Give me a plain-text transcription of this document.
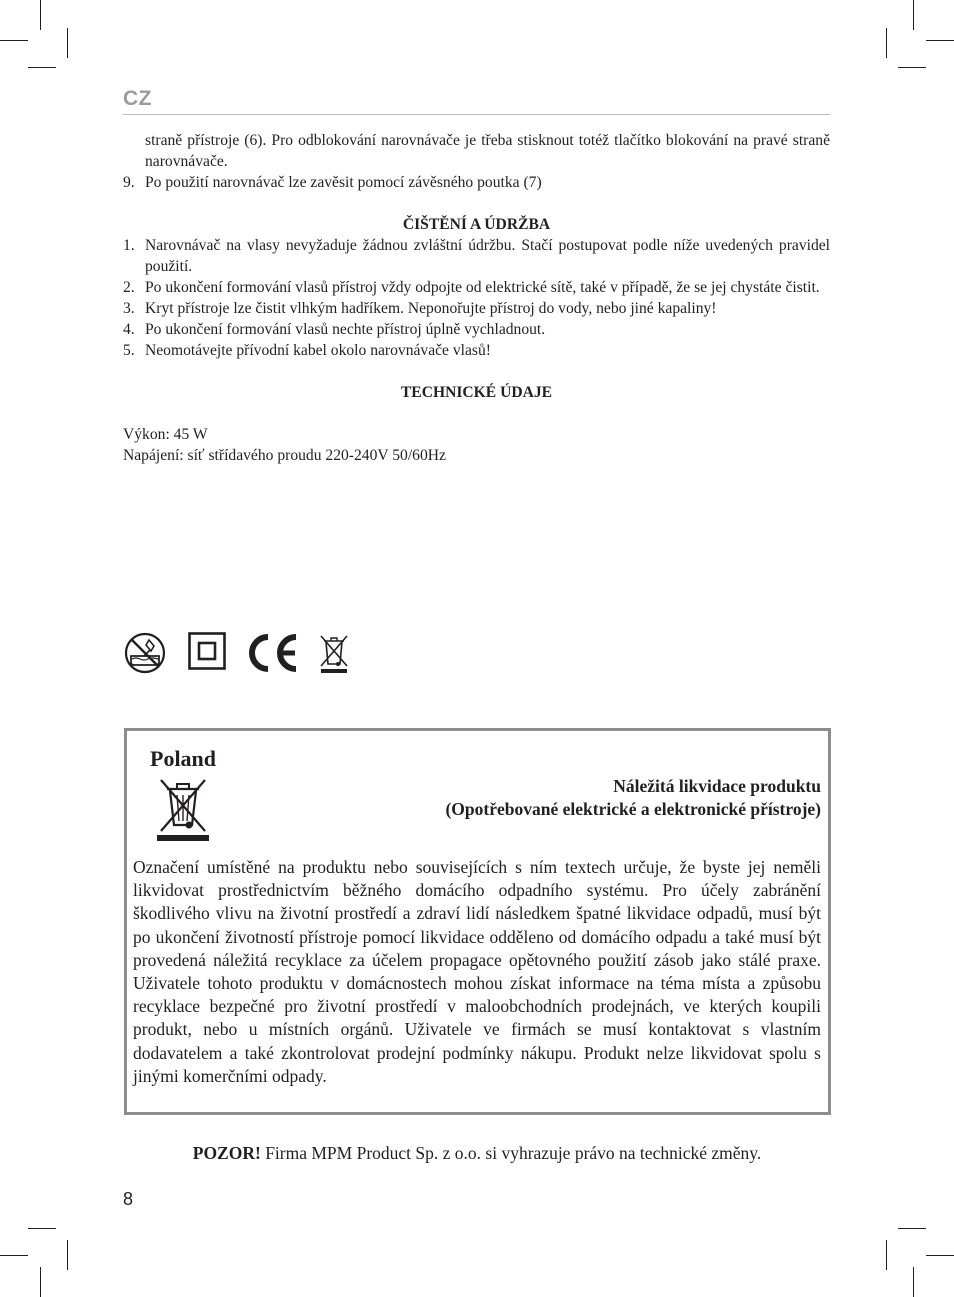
CZ

straně přístroje (6). Pro odblokování narovnávače je třeba stisknout totéž tlačítko blokování na pravé straně narovnávače.

9. Po použití narovnávač lze zavěsit pomocí závěsného poutka (7)

ČIŠTĚNÍ A ÚDRŽBA

1. Narovnávač na vlasy nevyžaduje žádnou zvláštní údržbu. Stačí postupovat podle níže uvedených pravidel použití.
2. Po ukončení formování vlasů přístroj vždy odpojte od elektrické sítě, také v případě, že se jej chystáte čistit.
3. Kryt přístroje lze čistit vlhkým hadříkem. Neponořujte přístroj do vody, nebo jiné kapaliny!
4. Po ukončení formování vlasů nechte přístroj úplně vychladnout.
5. Neomotávejte přívodní kabel okolo narovnávače vlasů!

TECHNICKÉ ÚDAJE

Výkon: 45 W

Napájení: síť střídavého proudu 220-240V 50/60Hz

Poland
Náležitá likvidace produktu
(Opotřebované elektrické a elektronické přístroje)

Označení umístěné na produktu nebo souvisejících s ním textech určuje, že byste jej neměli likvidovat prostřednictvím běžného domácího odpadního systému. Pro účely zabránění škodlivého vlivu na životní prostředí a zdraví lidí následkem špatné likvidace odpadů, musí být po ukončení životností přístroje pomocí likvidace odděleno od domácího odpadu a také musí být provedená náležitá recyklace za účelem propagace opětovného použití zásob jako stálé praxe. Uživatele tohoto produktu v domácnostech mohou získat informace na téma místa a způsobu recyklace bezpečné pro životní prostředí v maloobchodních prodejnách, ve kterých koupili produkt, nebo u místních orgánů. Uživatele ve firmách se musí kontaktovat s vlastním dodavatelem a také zkontrolovat prodejní podmínky nákupu. Produkt nelze likvidovat spolu s jinými komerčními odpady.

POZOR! Firma MPM Product Sp. z o.o. si vyhrazuje právo na technické změny.
8
